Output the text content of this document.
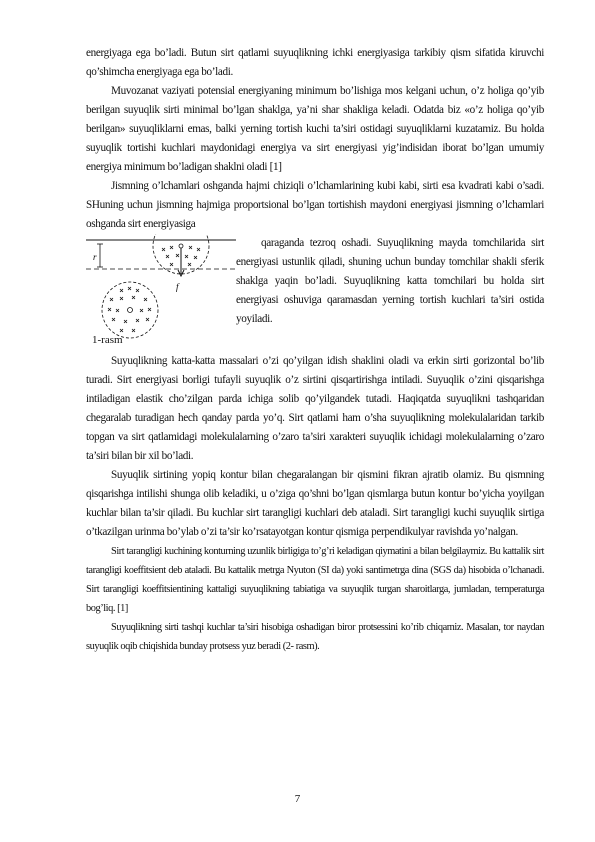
energiyaga ega bo’ladi. Butun sirt qatlami suyuqlikning ichki energiyasiga tarkibiy qism sifatida kiruvchi qo’shimcha energiyaga ega bo’ladi.

Muvozanat vaziyati potensial energiyaning minimum bo’lishiga mos kelgani uchun, o’z holiga qo’yib berilgan suyuqlik sirti minimal bo’lgan shaklga, ya’ni shar shakliga keladi. Odatda biz «o’z holiga qo’yib berilgan» suyuqliklarni emas, balki yerning tortish kuchi ta’siri ostidagi suyuqliklarni kuzatamiz. Bu holda suyuqlik tortishi kuchlari maydonidagi energiya va sirt energiyasi yig’indisidan iborat bo’lgan umumiy energiya minimum bo’ladigan shaklni oladi [1]

Jismning o’lchamlari oshganda hajmi chiziqli o’lchamlarining kubi kabi, sirti esa kvadrati kabi o’sadi. SHuning uchun jismning hajmiga proportsional bo’lgan tortishish maydoni energiyasi jismning o’lchamlari oshganda sirt energiyasiga

r
f

qaraganda tezroq oshadi. Suyuqlikning mayda tomchilarida sirt energiyasi ustunlik qiladi, shuning uchun bunday tomchilar shakli sferik shaklga yaqin bo’ladi. Suyuqlikning katta tomchilari bu holda sirt energiyasi oshuviga qaramasdan yerning tortish kuchlari ta’siri ostida yoyiladi.

1-rasm

Suyuqlikning katta-katta massalari o’zi qo’yilgan idish shaklini oladi va erkin sirti gorizontal bo’lib turadi. Sirt energiyasi borligi tufayli suyuqlik o’z sirtini qisqartirishga intiladi. Suyuqlik o’zini qisqarishga intiladigan elastik cho’zilgan parda ichiga solib qo’yilgandek tutadi. Haqiqatda suyuqlikni tashqaridan chegaralab turadigan hech qanday parda yo’q. Sirt qatlami ham o’sha suyuqlikning molekulalaridan tarkib topgan va sirt qatlamidagi molekulalarning o’zaro ta’siri xarakteri suyuqlik ichidagi molekulalarning o’zaro ta’siri bilan bir xil bo’ladi.

Suyuqlik sirtining yopiq kontur bilan chegaralangan bir qismini fikran ajratib olamiz. Bu qismning qisqarishga intilishi shunga olib keladiki, u o’ziga qo’shni bo’lgan qismlarga butun kontur bo’yicha yoyilgan kuchlar bilan ta’sir qiladi. Bu kuchlar sirt tarangligi kuchlari deb ataladi. Sirt tarangligi kuchi suyuqlik sirtiga o’tkazilgan urinma bo’ylab o’zi ta’sir ko’rsatayotgan kontur qismiga perpendikulyar ravishda yo’nalgan.

Sirt tarangligi kuchining konturning uzunlik birligiga to’g’ri keladigan qiymatini a bilan belgilaymiz. Bu kattalik sirt tarangligi koeffitsient deb ataladi. Bu kattalik metrga Nyuton (SI da) yoki santimetrga dina (SGS da) hisobida o’lchanadi. Sirt tarangligi koeffitsientining kattaligi suyuqlikning tabiatiga va suyuqlik turgan sharoitlarga, jumladan, temperaturga bog’liq. [1]

Suyuqlikning sirti tashqi kuchlar ta’siri hisobiga oshadigan biror protsessini ko’rib chiqamiz. Masalan, tor naydan suyuqlik oqib chiqishida bunday protsess yuz beradi (2- rasm).

7
